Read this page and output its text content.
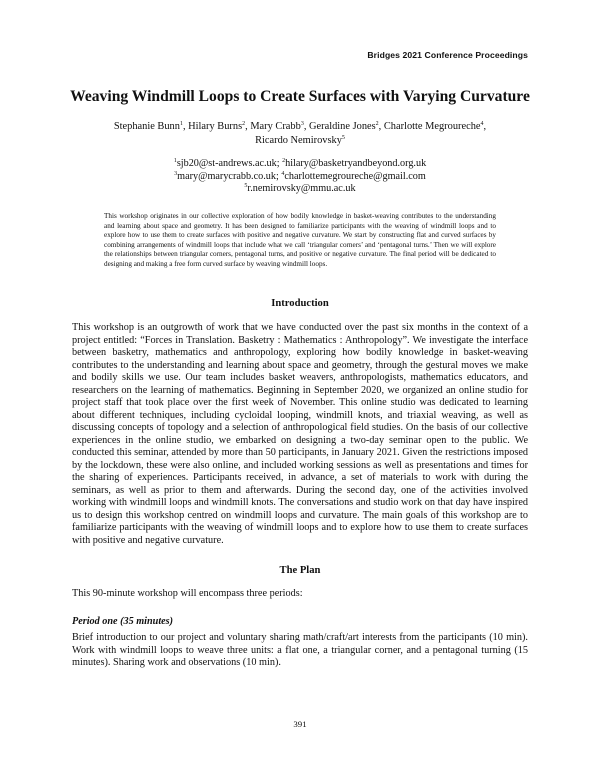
Bridges 2021 Conference Proceedings
Weaving Windmill Loops to Create Surfaces with Varying Curvature
Stephanie Bunn$^1$, Hilary Burns$^2$, Mary Crabb$^3$, Geraldine Jones$^2$, Charlotte Megroureche$^4$,
Ricardo Nemirovsky$^5$
$^1$sjb20@st-andrews.ac.uk; $^2$hilary@basketryandbeyond.org.uk
$^3$mary@marycrabb.co.uk; $^4$charlottemegroureche@gmail.com
$^5$r.nemirovsky@mmu.ac.uk
This workshop originates in our collective exploration of how bodily knowledge in basket-weaving contributes to the understanding and learning about space and geometry. It has been designed to familiarize participants with the weaving of windmill loops and to explore how to use them to create surfaces with positive and negative curvature. We start by constructing flat and curved surfaces by combining arrangements of windmill loops that include what we call ‘triangular corners’ and ‘pentagonal turns.’ Then we will explore the relationships between triangular corners, pentagonal turns, and positive or negative curvature. The final period will be dedicated to designing and making a free form curved surface by weaving windmill loops.
Introduction
This workshop is an outgrowth of work that we have conducted over the past six months in the context of a project entitled: “Forces in Translation. Basketry : Mathematics : Anthropology”. We investigate the interface between basketry, mathematics and anthropology, exploring how bodily knowledge in basket-weaving contributes to the understanding and learning about space and geometry, through the gestural moves we make and bodily skills we use. Our team includes basket weavers, anthropologists, mathematics educators, and researchers on the learning of mathematics. Beginning in September 2020, we organized an online studio for project staff that took place over the first week of November. This online studio was dedicated to learning about different techniques, including cycloidal looping, windmill knots, and triaxial weaving, as well as discussing concepts of topology and a selection of anthropological field studies. On the basis of our collective experiences in the online studio, we embarked on designing a two-day seminar open to the public. We conducted this seminar, attended by more than 50 participants, in January 2021. Given the restrictions imposed by the lockdown, these were also online, and included working sessions as well as presentations and times for the sharing of experiences. Participants received, in advance, a set of materials to work with during the seminars, as well as prior to them and afterwards. During the second day, one of the activities involved working with windmill loops and windmill knots. The conversations and studio work on that day have inspired us to design this workshop centred on windmill loops and curvature. The main goals of this workshop are to familiarize participants with the weaving of windmill loops and to explore how to use them to create surfaces with positive and negative curvature.
The Plan
This 90-minute workshop will encompass three periods:
Period one (35 minutes)
Brief introduction to our project and voluntary sharing math/craft/art interests from the participants (10 min). Work with windmill loops to weave three units: a flat one, a triangular corner, and a pentagonal turning (15 minutes). Sharing work and observations (10 min).
391
